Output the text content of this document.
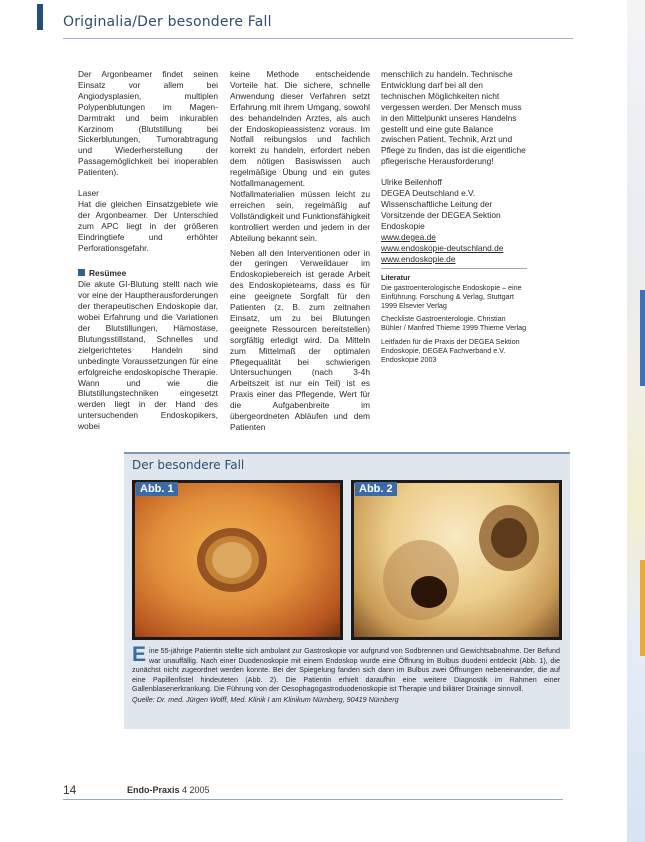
Originalia/Der besondere Fall

Der Argonbeamer findet seinen Einsatz vor allem bei Angiodysplasien, multiplen Polypenblutungen im Magen-Darmtrakt und beim inkurablen Karzinom (Blutstillung bei Sickerblutungen, Tumorabtragung und Wiederherstellung der Passagemöglichkeit bei inoperablen Patienten).

Laser

Hat die gleichen Einsatzgebiete wie der Argonbeamer. Der Unterschied zum APC liegt in der größeren Eindringtiefe und erhöhter Perforationsgefahr.

Resümee

Die akute GI-Blutung stellt nach wie vor eine der Hauptherausforderungen der therapeutischen Endoskopie dar, wobei Erfahrung und die Variationen der Blutstillungen, Hämostase, Blutungsstillstand, Schnelles und zielgerichtetes Handeln sind unbedingte Voraussetzungen für eine erfolgreiche endoskopische Therapie. Wann und wie die Blutstillungstechniken eingesetzt werden liegt in der Hand des untersuchenden Endoskopikers, wobei

keine Methode entscheidende Vorteile hat. Die sichere, schnelle Anwendung dieser Verfahren setzt Erfahrung mit ihrem Umgang, sowohl des behandelnden Arztes, als auch der Endoskopieassistenz voraus. Im Notfall reibungslos und fachlich korrekt zu handeln, erfordert neben dem nötigen Basiswissen auch regelmäßige Übung und ein gutes Notfallmanagement. Notfallmaterialien müssen leicht zu erreichen sein, regelmäßig auf Vollständigkeit und Funktionsfähigkeit kontrolliert werden und jedem in der Abteilung bekannt sein.

Neben all den Interventionen oder in der geringen Verweildauer im Endoskopiebereich ist gerade Arbeit des Endoskopieteams, dass es für eine geeignete Sorgfalt für den Patienten (z. B. zum zeitnahen Einsatz, um zu bei Blutungen geeignete Ressourcen bereitstellen) sorgfältig erledigt wird. Da Mitteln zum Mittelmaß der optimalen Pflegequalität bei schwierigen Untersuchungen (nach 3-4h Arbeitszeit ist nur ein Teil) ist es Praxis einer das Pflegende, Wert für die Aufgabenbreite im übergeordneten Abläufen und dem Patienten

menschlich zu handeln. Technische Entwicklung darf bei all den technischen Möglichkeiten nicht vergessen werden. Der Mensch muss in den Mittelpunkt unseres Handelns gestellt und eine gute Balance zwischen Patient, Technik, Arzt und Pflege zu finden, das ist die eigentliche pflegerische Herausforderung!

Ulrike Beilenhoff

DEGEA Deutschland e.V.

Wissenschaftliche Leitung der

Vorsitzende der DEGEA Sektion

Endoskopie

www.degea.de

www.endoskopie-deutschland.de

www.endoskopie.de

Literatur

Die gastroenterologische Endoskopie – eine Einführung. Forschung & Verlag, Stuttgart 1999 Elsevier Verlag

Checkliste Gastroenterologie. Christian Bühler / Manfred Thieme 1999 Thieme Verlag

Leitfaden für die Praxis der DEGEA Sektion Endoskopie, DEGEA Fachverband e.V. Endoskopie 2003

Der besondere Fall
Abb. 1	Abb. 2
E ine 55-jährige Patientin stellte sich ambulant zur Gastroskopie vor aufgrund von Sodbrennen und Gewichtsabnahme. Der Befund war unauffällig. Nach einer Duodenoskopie mit einem Endoskop wurde eine Öffnung im Bulbus duodeni entdeckt (Abb. 1), die zunächst nicht zugeordnet werden konnte. Bei der Spiegelung fanden sich dann im Bulbus zwei Öffnungen nebeneinander, die auf eine Papillenfistel hindeuteten (Abb. 2). Die Patientin erhielt daraufhin eine weitere Diagnostik im Rahmen einer Gallenblasenerkrankung. Die Führung von der Oesophagogastroduodenoskopie ist Therapie und biliärer Drainage sinnvoll.
Quelle: Dr. med. Jürgen Wolff, Med. Klinik I am Klinikum Nürnberg, 90419 Nürnberg
14	Endo-Praxis 4 2005
